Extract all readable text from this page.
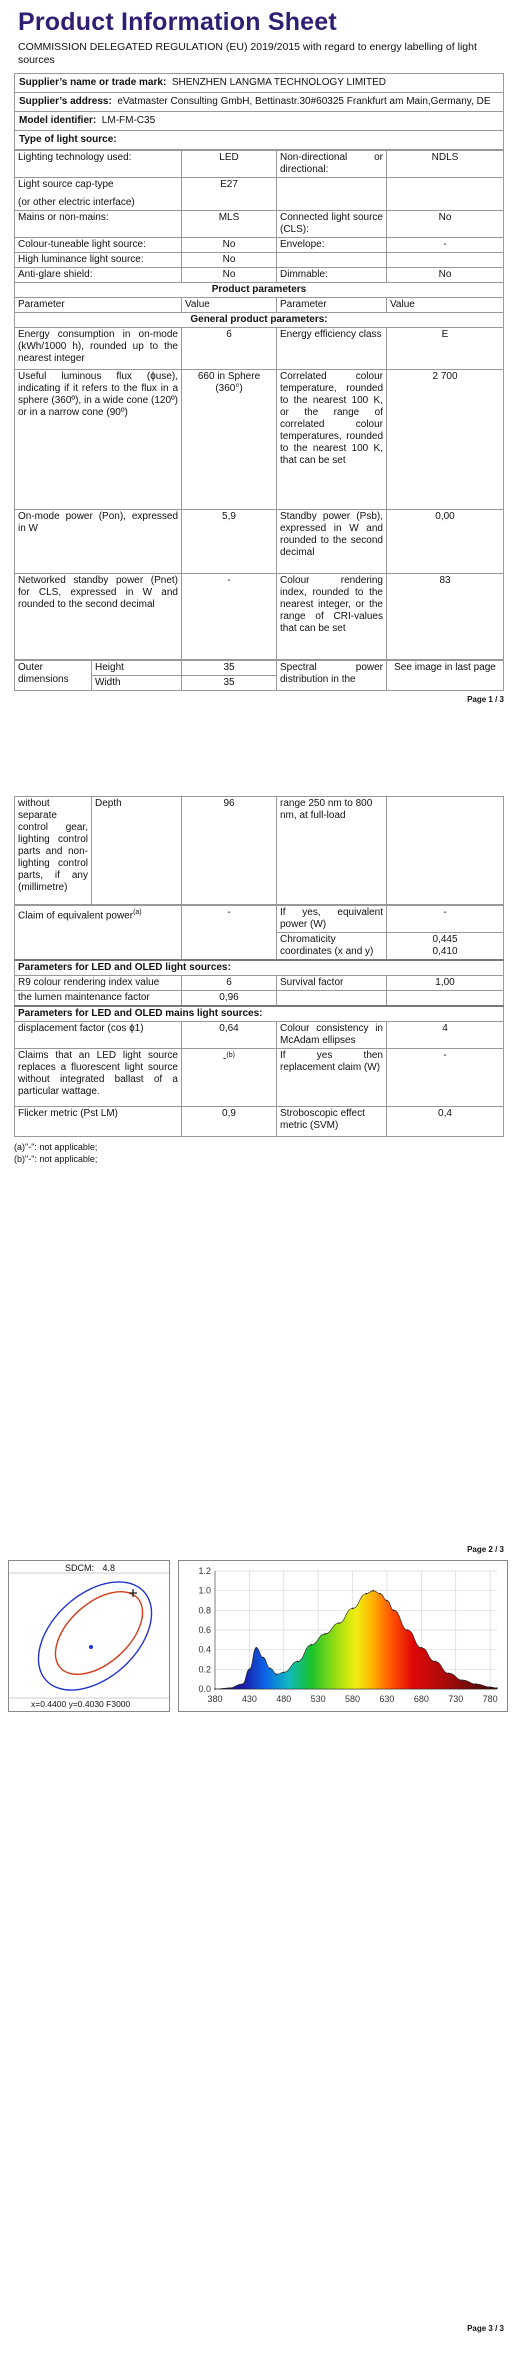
Product Information Sheet
COMMISSION DELEGATED REGULATION (EU) 2019/2015 with regard to energy labelling of light sources
Supplier’s name or trade mark: SHENZHEN LANGMA TECHNOLOGY LIMITED
Supplier’s address: eVatmaster Consulting GmbH, Bettinastr.30#60325 Frankfurt am Main,Germany, DE
Model identifier: LM-FM-C35
Type of light source:
Lighting technology used:	LED	Non-directional or directional:	NDLS

Light source cap-type
(or other electric interface)	E27		
Mains or non-mains:	MLS	Connected light source (CLS):	No
Colour-tuneable light source:	No	Envelope:	-
High luminance light source:	No		
Anti-glare shield:	No	Dimmable:	No
Product parameters			
Parameter	Value	Parameter	Value
General product parameters:			
Energy consumption in on-mode (kWh/1000 h), rounded up to the nearest integer	6	Energy efficiency class	E
Useful luminous flux (ɸuse), indicating if it refers to the flux in a sphere (360º), in a wide cone (120º) or in a narrow cone (90º)	660 in Sphere (360°)	Correlated colour temperature, rounded to the nearest 100 K, or the range of correlated colour temperatures, rounded to the nearest 100 K, that can be set	2 700
On-mode power (Pon), expressed in W	5,9	Standby power (Psb), expressed in W and rounded to the second decimal	0,00
Networked standby power (Pnet) for CLS, expressed in W and rounded to the second decimal	-	Colour rendering index, rounded to the nearest integer, or the range of CRI-values that can be set	83
Outer dimensions	Height	35	Spectral power distribution in the	See image in last page
	Width	35		
Page 1 / 3
without separate control gear, lighting control parts and non-lighting control parts, if any (millimetre)	Depth	96	range 250 nm to 800 nm, at full-load	
Claim of equivalent power$^{(a)}$	-	If yes, equivalent power (W)	-
		Chromaticity coordinates (x and y)	0,445
0,410

Parameters for LED and OLED light sources:			
R9 colour rendering index value	6	Survival factor	1,00
the lumen maintenance factor	0,96		
Parameters for LED and OLED mains light sources:			
displacement factor (cos ɸ1)	0,64	Colour consistency in McAdam ellipses	4
Claims that an LED light source replaces a fluorescent light source without integrated ballast of a particular wattage.	-$^{(b)}$	If yes then replacement claim (W)	-
Flicker metric (Pst LM)	0,9	Stroboscopic effect metric (SVM)	0,4
(a)"-": not applicable;
(b)"-": not applicable;
Page 2 / 3
SDCM: 4.8
x=0.4400 y=0.4030 F3000
0.0
0.2
0.4
0.6
0.8
1.0
1.2
380 430 480 530 580 630 680 730 780
Page 3 / 3
